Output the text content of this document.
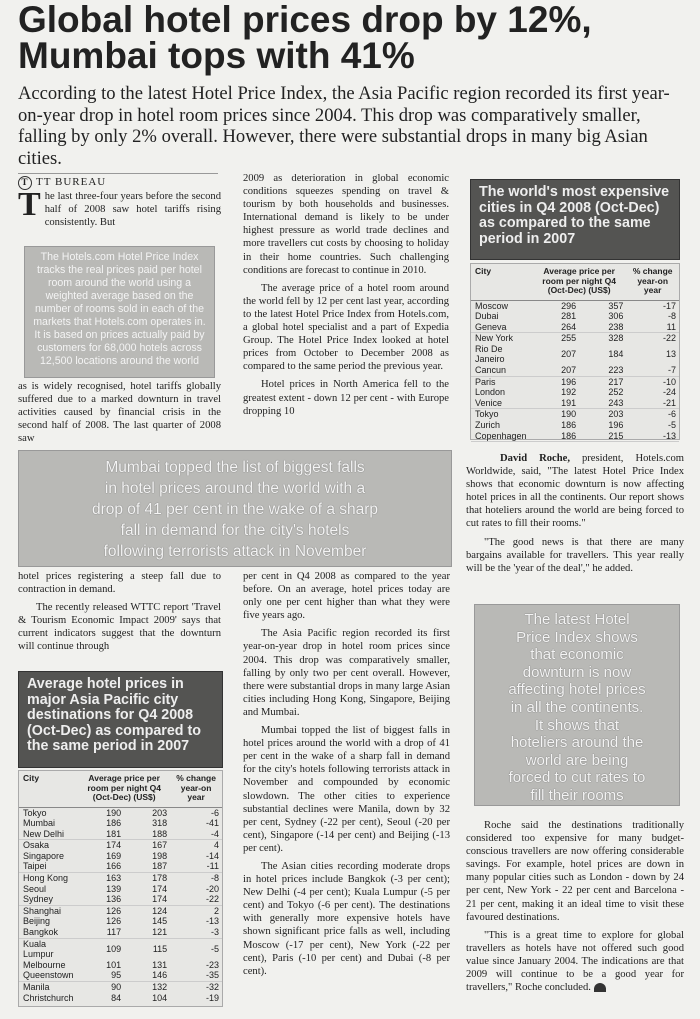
Global hotel prices drop by 12%, Mumbai tops with 41%
According to the latest Hotel Price Index, the Asia Pacific region recorded its first year-on-year drop in hotel room prices since 2004. This drop was comparatively smaller, falling by only 2% overall. However, there were substantial drops in many big Asian cities.
T TT BUREAU

The last three-four years before the second half of 2008 saw hotel tariffs rising consistently. But

The Hotels.com Hotel Price Index tracks the real prices paid per hotel room around the world using a weighted average based on the number of rooms sold in each of the markets that Hotels.com operates in. It is based on prices actually paid by customers for 68,000 hotels across 12,500 locations around the world

as is widely recognised, hotel tariffs globally suffered due to a marked downturn in travel activities caused by financial crisis in the second half of 2008. The last quarter of 2008 saw

2009 as deterioration in global economic conditions squeezes spending on travel & tourism by both households and businesses. International demand is likely to be under highest pressure as world trade declines and more travellers cut costs by choosing to holiday in their home countries. Such challenging conditions are forecast to continue in 2010.

The average price of a hotel room around the world fell by 12 per cent last year, according to the latest Hotel Price Index from Hotels.com, a global hotel specialist and a part of Expedia Group. The Hotel Price Index looked at hotel prices from October to December 2008 as compared to the same period the previous year.

Hotel prices in North America fell to the greatest extent - down 12 per cent - with Europe dropping 10

The world's most expensive cities in Q4 2008 (Oct-Dec) as compared to the same period in 2007
City	Average price per room per night Q4 (Oct-Dec) (US$)		% change year-on year
Moscow	296	357	-17
Dubai	281	306	-8
Geneva	264	238	11
New York	255	328	-22
Rio De Janeiro	207	184	13
Cancun	207	223	-7
Paris	196	217	-10
London	192	252	-24
Venice	191	243	-21
Tokyo	190	203	-6
Zurich	186	196	-5
Copenhagen	186	215	-13
Mumbai topped the list of biggest falls
in hotel prices around the world with a
drop of 41 per cent in the wake of a sharp
fall in demand for the city's hotels
following terrorists attack in November

David Roche, president, Hotels.com Worldwide, said, "The latest Hotel Price Index shows that economic downturn is now affecting hotel prices in all the continents. Our report shows that hoteliers around the world are being forced to cut rates to fill their rooms."

"The good news is that there are many bargains available for travellers. This year really will be the 'year of the deal'," he added.

hotel prices registering a steep fall due to contraction in demand.

The recently released WTTC report 'Travel & Tourism Economic Impact 2009' says that current indicators suggest that the downturn will continue through

Average hotel prices in major Asia Pacific city destinations for Q4 2008 (Oct-Dec) as compared to the same period in 2007
City	Average price per room per night Q4 (Oct-Dec) (US$)		% change year-on year
Tokyo	190	203	-6
Mumbai	186	318	-41
New Delhi	181	188	-4
Osaka	174	167	4
Singapore	169	198	-14
Taipei	166	187	-11
Hong Kong	163	178	-8
Seoul	139	174	-20
Sydney	136	174	-22
Shanghai	126	124	2
Beijing	126	145	-13
Bangkok	117	121	-3
Kuala Lumpur	109	115	-5
Melbourne	101	131	-23
Queenstown	95	146	-35
Manila	90	132	-32
Christchurch	84	104	-19

per cent in Q4 2008 as compared to the year before. On an average, hotel prices today are only one per cent higher than what they were five years ago.

The Asia Pacific region recorded its first year-on-year drop in hotel room prices since 2004. This drop was comparatively smaller, falling by only two per cent overall. However, there were substantial drops in many large Asian cities including Hong Kong, Singapore, Beijing and Mumbai.

Mumbai topped the list of biggest falls in hotel prices around the world with a drop of 41 per cent in the wake of a sharp fall in demand for the city's hotels following terrorists attack in November and compounded by economic slowdown. The other cities to experience substantial declines were Manila, down by 32 per cent, Sydney (-22 per cent), Seoul (-20 per cent), Singapore (-14 per cent) and Beijing (-13 per cent).

The Asian cities recording moderate drops in hotel prices include Bangkok (-3 per cent); New Delhi (-4 per cent); Kuala Lumpur (-5 per cent) and Tokyo (-6 per cent). The destinations with generally more expensive hotels have shown significant price falls as well, including Moscow (-17 per cent), New York (-22 per cent), Paris (-10 per cent) and Dubai (-8 per cent).

The latest Hotel
Price Index shows
that economic
downturn is now
affecting hotel prices
in all the continents.
It shows that
hoteliers around the
world are being
forced to cut rates to
fill their rooms

Roche said the destinations traditionally considered too expensive for many budget-conscious travellers are now offering considerable savings. For example, hotel prices are down in many popular cities such as London - down by 24 per cent, New York - 22 per cent and Barcelona - 21 per cent, making it an ideal time to visit these favoured destinations.

"This is a great time to explore for global travellers as hotels have not offered such good value since January 2004. The indications are that 2009 will continue to be a good year for travellers," Roche concluded.
